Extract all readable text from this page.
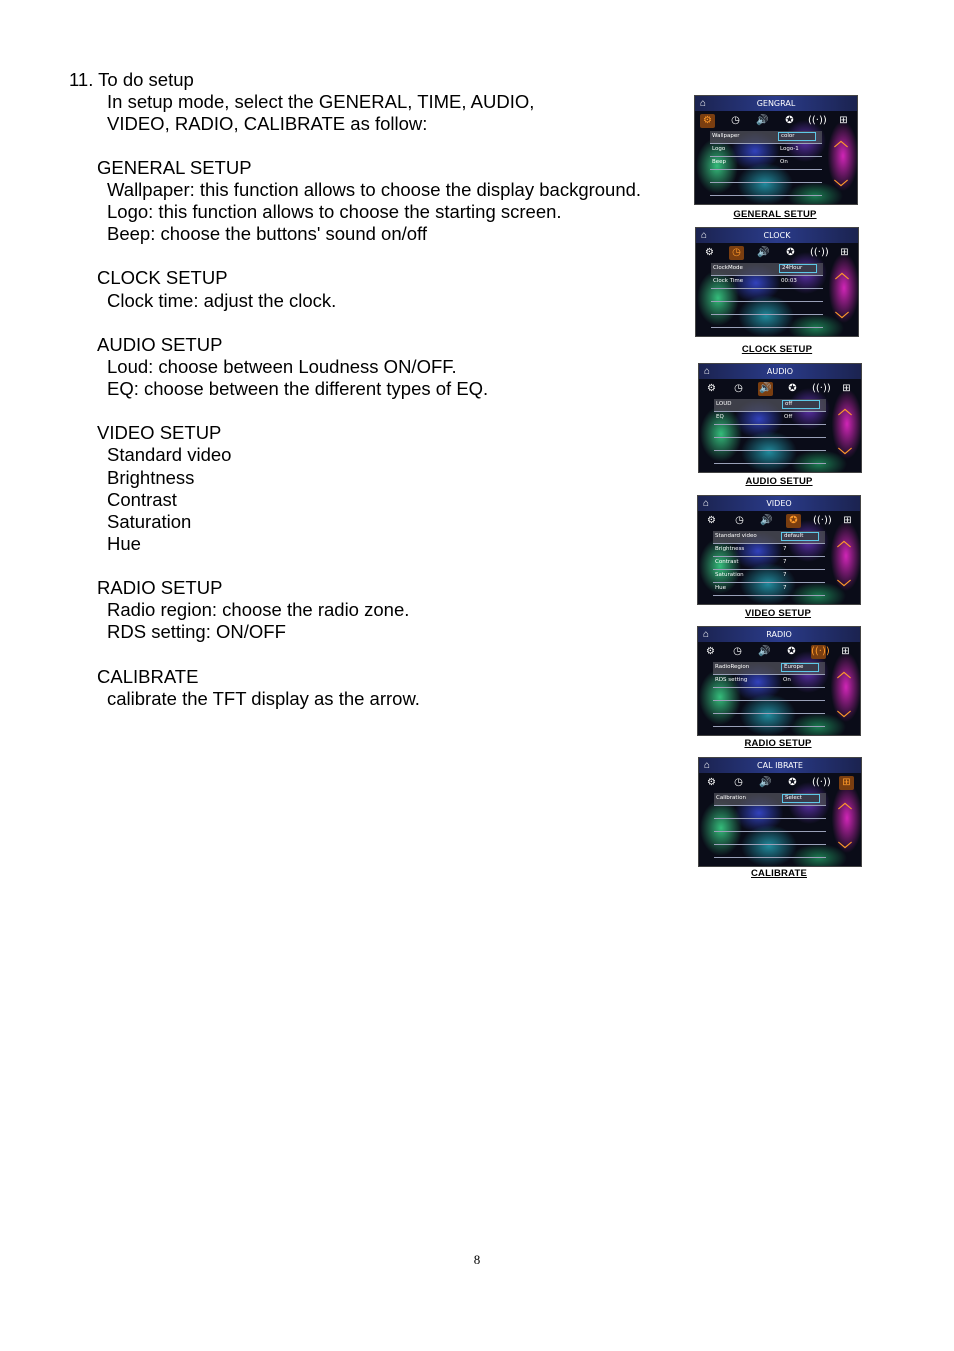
11. To do setup
In setup mode, select the GENERAL, TIME, AUDIO,
VIDEO, RADIO, CALIBRATE as follow:
GENERAL SETUP
Wallpaper: this function allows to choose the display background.
Logo: this function allows to choose the starting screen.
Beep: choose the buttons' sound on/off
CLOCK SETUP
Clock time: adjust the clock.
AUDIO SETUP
Loud: choose between Loudness ON/OFF.
EQ: choose between the different types of EQ.
VIDEO SETUP
Standard video
Brightness
Contrast
Saturation
Hue
RADIO SETUP
Radio region: choose the radio zone.
RDS setting: ON/OFF
CALIBRATE
calibrate the TFT display as the arrow.
⌂	GENGRAL
⚙	◷	🔊	✪	((·))	⊞
Wallpaper	color
Logo	Logo-1
Beep	On
︿
﹀
GENERAL SETUP
⌂	CLOCK
⚙	◷	🔊	✪	((·))	⊞
ClockMode	24Hour
Clock Time	00:03	︿
﹀
CLOCK SETUP
⌂	AUDIO
⚙	◷	🔊	✪	((·))	⊞
LOUD	off
EQ	Off	︿
﹀
AUDIO SETUP
⌂	VIDEO
⚙	◷	🔊	✪	((·))	⊞
Standard video	default
Brightness	7
Contrast	7
Saturation	7
Hue	7
︿
﹀
VIDEO SETUP
⌂	RADIO
⚙	◷	🔊	✪	((·))	⊞
RadioRegion	Europe
RDS setting	On	︿
﹀
RADIO SETUP
⌂	CAL IBRATE
⚙	◷	🔊	✪	((·))	⊞
Calibration	Select	︿
﹀
CALIBRATE
8
